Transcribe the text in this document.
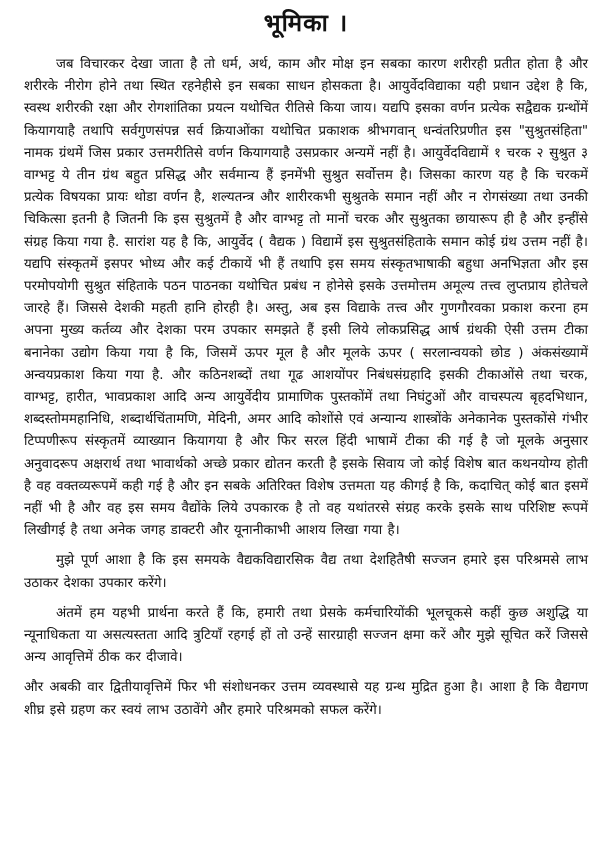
भूमिका ।

जब विचारकर देखा जाता है तो धर्म, अर्थ, काम और मोक्ष इन सबका कारण शरीरही प्रतीत होता है और शरीरके नीरोग होने तथा स्थित रहनेहीसे इन सबका साधन होसकता है। आयुर्वेदविद्याका यही प्रधान उद्देश है कि, स्वस्थ शरीरकी रक्षा और रोगशांतिका प्रयत्न यथोचित रीतिसे किया जाय। यद्यपि इसका वर्णन प्रत्येक सद्वैद्यक ग्रन्थोंमें कियागयाहै तथापि सर्वगुणसंपन्न सर्व क्रियाओंका यथोचित प्रकाशक श्रीभगवान् धन्वंतरिप्रणीत इस "सुश्रुतसंहिता" नामक ग्रंथमें जिस प्रकार उत्तमरीतिसे वर्णन कियागयाहै उसप्रकार अन्यमें नहीं है। आयुर्वेदविद्यामें १ चरक २ सुश्रुत ३ वाग्भट्ट ये तीन ग्रंथ बहुत प्रसिद्ध और सर्वमान्य हैं इनमेंभी सुश्रुत सर्वोत्तम है। जिसका कारण यह है कि चरकमें प्रत्येक विषयका प्रायः थोडा वर्णन है, शल्यतन्त्र और शारीरकभी सुश्रुतके समान नहीं और न रोगसंख्या तथा उनकी चिकित्सा इतनी है जितनी कि इस सुश्रुतमें है और वाग्भट्ट तो मानों चरक और सुश्रुतका छायारूप ही है और इन्हींसे संग्रह किया गया है. सारांश यह है कि, आयुर्वेद ( वैद्यक ) विद्यामें इस सुश्रुतसंहिताके समान कोई ग्रंथ उत्तम नहीं है। यद्यपि संस्कृतमें इसपर भोध्य और कई टीकायें भी हैं तथापि इस समय संस्कृतभाषाकी बहुधा अनभिज्ञता और इस परमोपयोगी सुश्रुत संहिताके पठन पाठनका यथोचित प्रबंध न होनेसे इसके उत्तमोत्तम अमूल्य तत्त्व लुप्तप्राय होतेचले जारहे हैं। जिससे देशकी महती हानि होरही है। अस्तु, अब इस विद्याके तत्त्व और गुणगौरवका प्रकाश करना हम अपना मुख्य कर्तव्य और देशका परम उपकार समझते हैं इसी लिये लोकप्रसिद्ध आर्ष ग्रंथकी ऐसी उत्तम टीका बनानेका उद्योग किया गया है कि, जिसमें ऊपर मूल है और मूलके ऊपर ( सरलान्वयको छोड ) अंकसंख्यामें अन्वयप्रकाश किया गया है. और कठिनशब्दों तथा गूढ आशयोंपर निबंधसंग्रहादि इसकी टीकाओंसे तथा चरक, वाग्भट्ट, हारीत, भावप्रकाश आदि अन्य आयुर्वेदीय प्रामाणिक पुस्तकोंमें तथा निघंटुओं और वाचस्पत्य बृहदभिधान, शब्दस्तोममहानिधि, शब्दार्थचिंतामणि, मेदिनी, अमर आदि कोशोंसे एवं अन्यान्य शास्त्रोंके अनेकानेक पुस्तकोंसे गंभीर टिप्पणीरूप संस्कृतमें व्याख्यान कियागया है और फिर सरल हिंदी भाषामें टीका की गई है जो मूलके अनुसार अनुवादरूप अक्षरार्थ तथा भावार्थको अच्छे प्रकार द्योतन करती है इसके सिवाय जो कोई विशेष बात कथनयोग्य होती है वह वक्तव्यरूपमें कही गई है और इन सबके अतिरिक्त विशेष उत्तमता यह कीगई है कि, कदाचित् कोई बात इसमें नहीं भी है और वह इस समय वैद्योंके लिये उपकारक है तो वह यथांतरसे संग्रह करके इसके साथ परिशिष्ट रूपमें लिखीगई है तथा अनेक जगह डाक्टरी और यूनानीकाभी आशय लिखा गया है।

मुझे पूर्ण आशा है कि इस समयके वैद्यकविद्यारसिक वैद्य तथा देशहितैषी सज्जन हमारे इस परिश्रमसे लाभ उठाकर देशका उपकार करेंगे।

अंतमें हम यहभी प्रार्थना करते हैं कि, हमारी तथा प्रेसके कर्मचारियोंकी भूलचूकसे कहीं कुछ अशुद्धि या न्यूनाधिकता या असत्यस्तता आदि त्रुटियाँ रहगई हों तो उन्हें सारग्राही सज्जन क्षमा करें और मुझे सूचित करें जिससे अन्य आवृत्तिमें ठीक कर दीजावे।

और अबकी वार द्वितीयावृत्तिमें फिर भी संशोधनकर उत्तम व्यवस्थासे यह ग्रन्थ मुद्रित हुआ है। आशा है कि वैद्यगण शीघ्र इसे ग्रहण कर स्वयं लाभ उठावेंगे और हमारे परिश्रमको सफल करेंगे।
